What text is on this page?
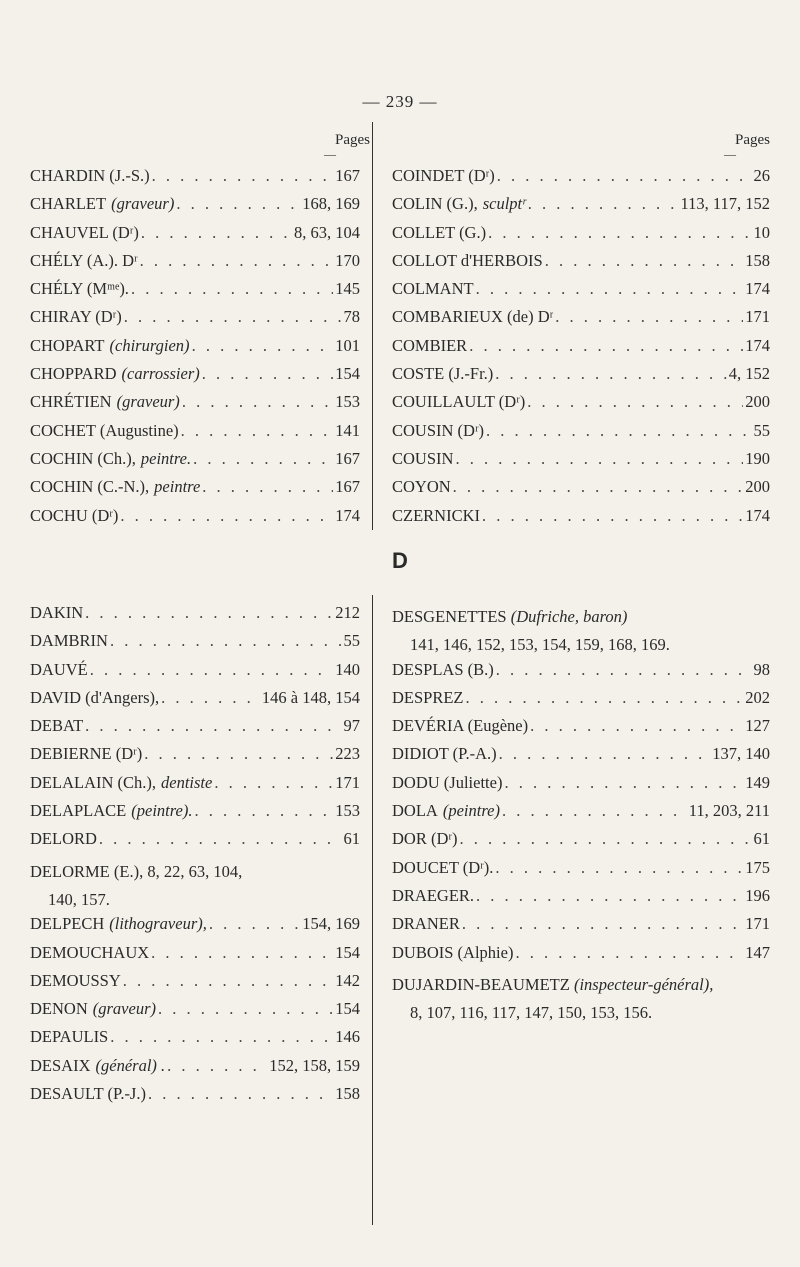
— 239 —
Pages
—
Pages
—
CHARDIN (J.-S.) . . .	167
CHARLET (graveur) . . .	168, 169
CHAUVEL (Dʳ) . . .	8, 63, 104
CHÉLY (A.). Dʳ . . .	170
CHÉLY (Mᵐᵉ). . . .	145
CHIRAY (Dʳ) . . .	78
CHOPART (chirurgien) . . .	101
CHOPPARD (carrossier) . . .	154
CHRÉTIEN (graveur) . . .	153
COCHET (Augustine) . . .	141
COCHIN (Ch.), peintre. . . .	167
COCHIN (C.-N.), peintre . . .	167
COCHU (Dʳ) . . .	174
COINDET (Dʳ) . . .	26
COLIN (G.), sculptʳ . . .	113, 117, 152
COLLET (G.) . . .	10
COLLOT d'HERBOIS . . .	158
COLMANT . . .	174
COMBARIEUX (de) Dʳ . . .	171
COMBIER . . .	174
COSTE (J.-Fr.) . . .	4, 152
COUILLAULT (Dʳ) . . .	200
COUSIN (Dʳ) . . .	55
COUSIN . . .	190
COYON . . .	200
CZERNICKI . . .	174
D
DAKIN . . .	212
DAMBRIN . . .	55
DAUVÉ . . .	140
DAVID (d'Angers), . . .	146 à 148, 154
DEBAT . . .	97
DEBIERNE (Dʳ) . . .	223
DELALAIN (Ch.), dentiste . . .	171
DELAPLACE (peintre). . . .	153
DELORD . . .	61
DELORME (E.), 8, 22, 63, 104,
140, 157.
DELPECH (lithograveur), . . .	154, 169
DEMOUCHAUX . . .	154
DEMOUSSY . . .	142
DENON (graveur) . . .	154
DEPAULIS . . .	146
DESAIX (général) . . . .	152, 158, 159
DESAULT (P.-J.) . . .	158
DESGENETTES (Dufriche, baron)
141, 146, 152, 153, 154, 159, 168, 169.
DESPLAS (B.) . . .	98
DESPREZ . . .	202
DEVÉRIA (Eugène) . . .	127
DIDIOT (P.-A.) . . .	137, 140
DODU (Juliette) . . .	149
DOLA (peintre) . . .	11, 203, 211
DOR (Dʳ) . . .	61
DOUCET (Dʳ). . . .	175
DRAEGER. . . .	196
DRANER . . .	171
DUBOIS (Alphie) . . .	147
DUJARDIN-BEAUMETZ (inspecteur-général),
8, 107, 116, 117, 147, 150, 153, 156.
